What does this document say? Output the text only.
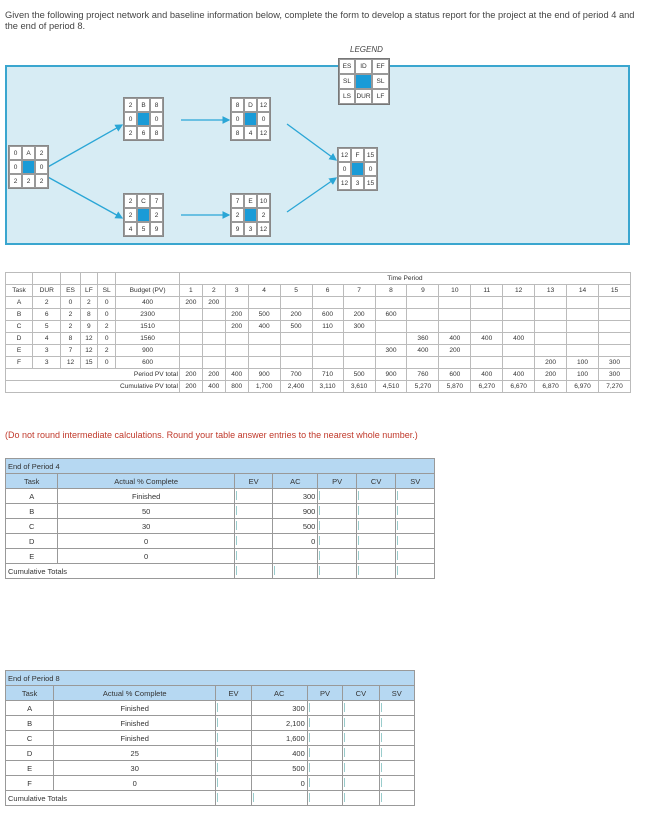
Given the following project network and baseline information below, complete the form to develop a status report for the project at the end of period 4 and the end of period 8.
LEGEND
ES	ID	EF
SL	SL
LS DUR LF
0	A	2
0	0
2	2	2
2	B	8
0	0
2	6	8
2	C	7
2	2
4	5	9
8	D	12
0	0
8	4	12
7	E	10
2	2
9	3	12
12	F	15
0	0
12	3	15
						Time Period														
Task	DUR	ES	LF	SL	Budget (PV)	1	2	3	4	5	6	7	8	9	10	11	12	13	14	15
A	2	0	2	0	400	200	200													
B	6	2	8	0	2300			200	500	200	600	200	600							
C	5	2	9	2	1510			200	400	500	110	300								
D	4	8	12	0	1560									360	400	400	400			
E	3	7	12	2	900								300	400	200					
F	3	12	15	0	600													200	100	300
Period PV total						200	200	400	900	700	710	500	900	760	600	400	400	200	100	300
Cumulative PV total						200	400	800	1,700	2,400	3,110	3,610	4,510	5,270	5,870	6,270	6,670	6,870	6,970	7,270
(Do not round intermediate calculations. Round your table answer entries to the nearest whole number.)
End of Period 4						
Task	Actual % Complete	EV	AC	PV	CV	SV
A	Finished		300			
B	50		900			
C	30		500			
D	0		0			
E	0					
Cumulative Totals						
End of Period 8						
Task	Actual % Complete	EV	AC	PV	CV	SV
A	Finished		300			
B	Finished		2,100			
C	Finished		1,600			
D	25		400			
E	30		500			
F	0		0			
Cumulative Totals						
